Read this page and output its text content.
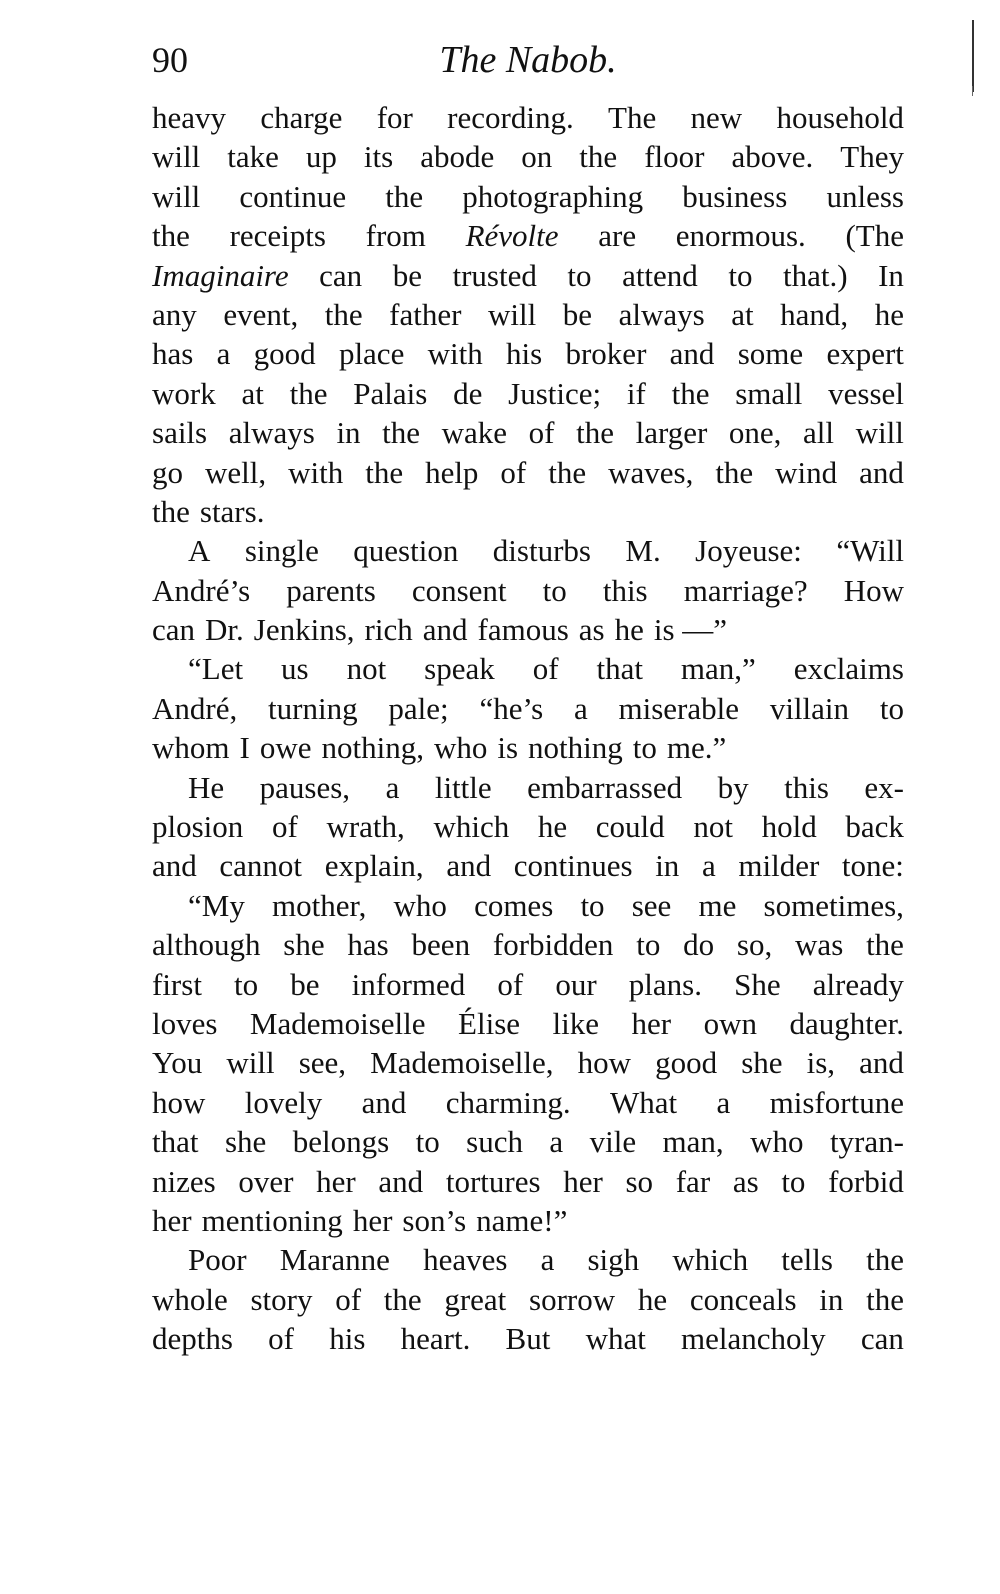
90	The Nabob.
heavy charge for recording. The new household
will take up its abode on the floor above. They
will continue the photographing business unless
the receipts from Révolte are enormous. (The
Imaginaire can be trusted to attend to that.) In
any event, the father will be always at hand, he
has a good place with his broker and some expert
work at the Palais de Justice; if the small vessel
sails always in the wake of the larger one, all will
go well, with the help of the waves, the wind and
the stars.
A single question disturbs M. Joyeuse: “Will
André’s parents consent to this marriage? How
can Dr. Jenkins, rich and famous as he is —”
“Let us not speak of that man,” exclaims
André, turning pale; “he’s a miserable villain to
whom I owe nothing, who is nothing to me.”
He pauses, a little embarrassed by this ex-
plosion of wrath, which he could not hold back
and cannot explain, and continues in a milder tone:
“My mother, who comes to see me sometimes,
although she has been forbidden to do so, was the
first to be informed of our plans. She already
loves Mademoiselle Élise like her own daughter.
You will see, Mademoiselle, how good she is, and
how lovely and charming. What a misfortune
that she belongs to such a vile man, who tyran-
nizes over her and tortures her so far as to forbid
her mentioning her son’s name!”
Poor Maranne heaves a sigh which tells the
whole story of the great sorrow he conceals in the
depths of his heart. But what melancholy can
